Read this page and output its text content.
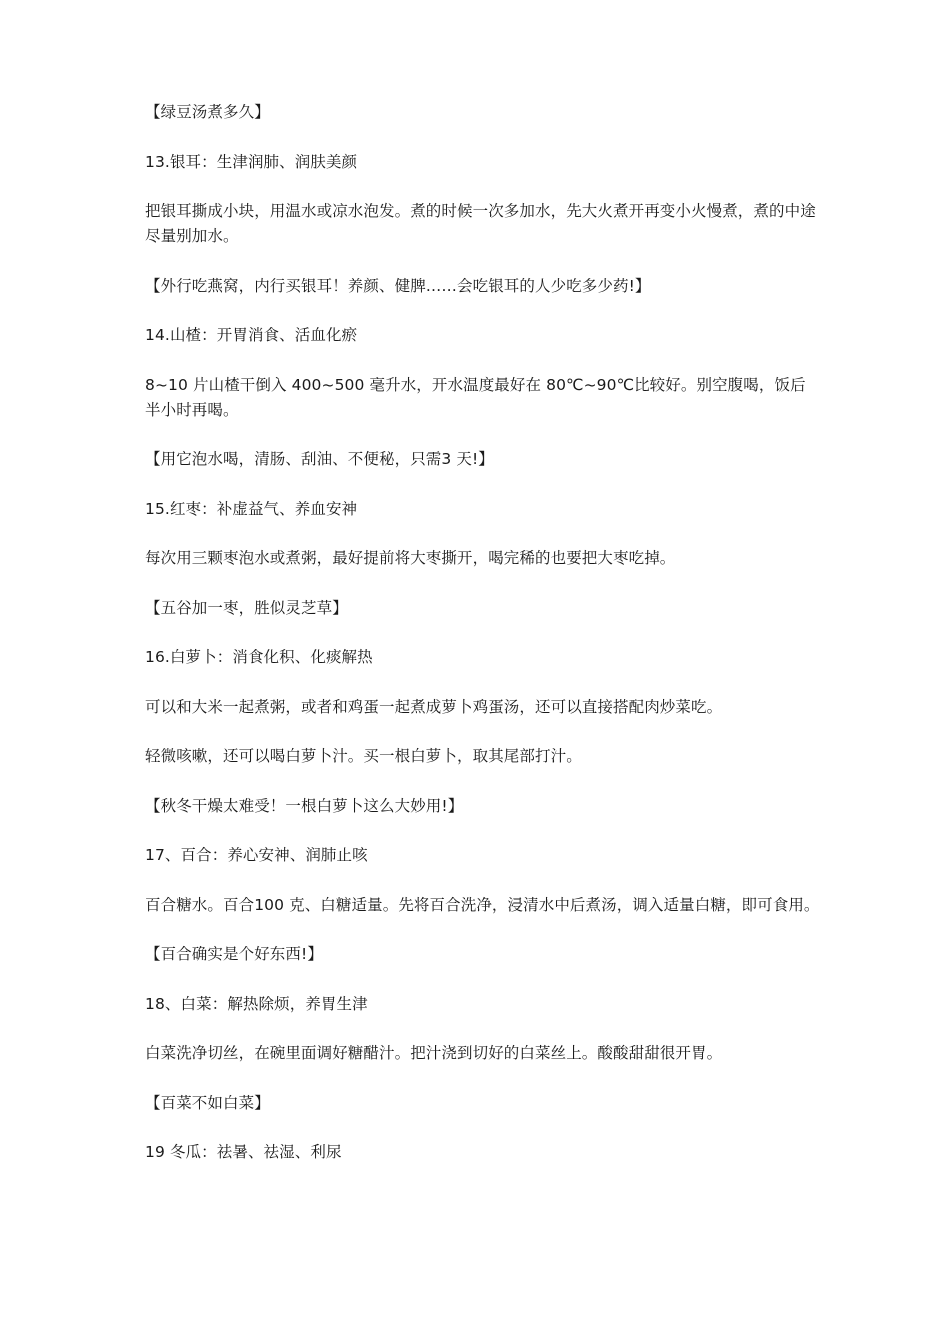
【绿豆汤煮多久】

13.银耳：生津润肺、润肤美颜

把银耳撕成小块，用温水或凉水泡发。煮的时候一次多加水，先大火煮开再变小火慢煮，煮的中途尽量别加水。

【外行吃燕窝，内行买银耳！养颜、健脾……会吃银耳的人少吃多少药!】

14.山楂：开胃消食、活血化瘀

8~10 片山楂干倒入 400~500 毫升水，开水温度最好在 80℃~90℃比较好。别空腹喝，饭后半小时再喝。

【用它泡水喝，清肠、刮油、不便秘，只需3 天!】

15.红枣：补虚益气、养血安神

每次用三颗枣泡水或煮粥，最好提前将大枣撕开，喝完稀的也要把大枣吃掉。

【五谷加一枣，胜似灵芝草】

16.白萝卜：消食化积、化痰解热

可以和大米一起煮粥，或者和鸡蛋一起煮成萝卜鸡蛋汤，还可以直接搭配肉炒菜吃。

轻微咳嗽，还可以喝白萝卜汁。买一根白萝卜，取其尾部打汁。

【秋冬干燥太难受！一根白萝卜这么大妙用!】

17、百合：养心安神、润肺止咳

百合糖水。百合100 克、白糖适量。先将百合洗净，浸清水中后煮汤，调入适量白糖，即可食用。

【百合确实是个好东西!】

18、白菜：解热除烦，养胃生津

白菜洗净切丝，在碗里面调好糖醋汁。把汁浇到切好的白菜丝上。酸酸甜甜很开胃。

【百菜不如白菜】

19 冬瓜：祛暑、祛湿、利尿
